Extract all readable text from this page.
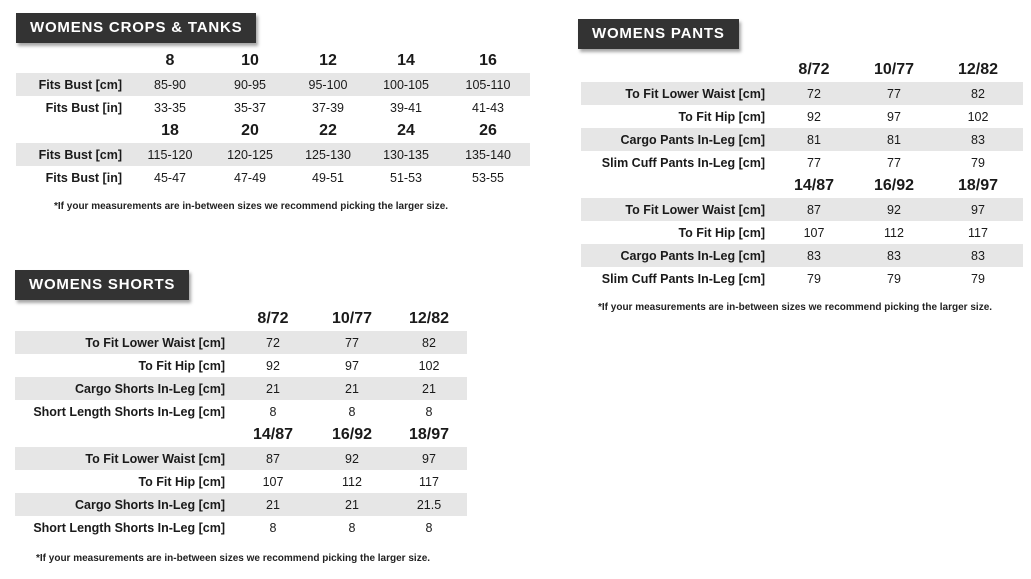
WOMENS CROPS & TANKS
	8	10	12	14	16
Fits Bust [cm]	85-90	90-95	95-100	100-105	105-110
Fits Bust [in]	33-35	35-37	37-39	39-41	41-43
	18	20	22	24	26
Fits Bust [cm]	115-120	120-125	125-130	130-135	135-140
Fits Bust [in]	45-47	47-49	49-51	51-53	53-55
*If your measurements are in-between sizes we recommend picking the larger size.
WOMENS SHORTS
	8/72	10/77	12/82
To Fit Lower Waist [cm]	72	77	82
To Fit Hip [cm]	92	97	102
Cargo Shorts In-Leg [cm]	21	21	21
Short Length Shorts In-Leg [cm]	8	8	8
	14/87	16/92	18/97
To Fit Lower Waist [cm]	87	92	97
To Fit Hip [cm]	107	112	117
Cargo Shorts In-Leg [cm]	21	21	21.5
Short Length Shorts In-Leg [cm]	8	8	8
*If your measurements are in-between sizes we recommend picking the larger size.
WOMENS PANTS
	8/72	10/77	12/82
To Fit Lower Waist [cm]	72	77	82
To Fit Hip [cm]	92	97	102
Cargo Pants In-Leg [cm]	81	81	83
Slim Cuff Pants In-Leg [cm]	77	77	79
	14/87	16/92	18/97
To Fit Lower Waist [cm]	87	92	97
To Fit Hip [cm]	107	112	117
Cargo Pants In-Leg [cm]	83	83	83
Slim Cuff Pants In-Leg [cm]	79	79	79
*If your measurements are in-between sizes we recommend picking the larger size.
